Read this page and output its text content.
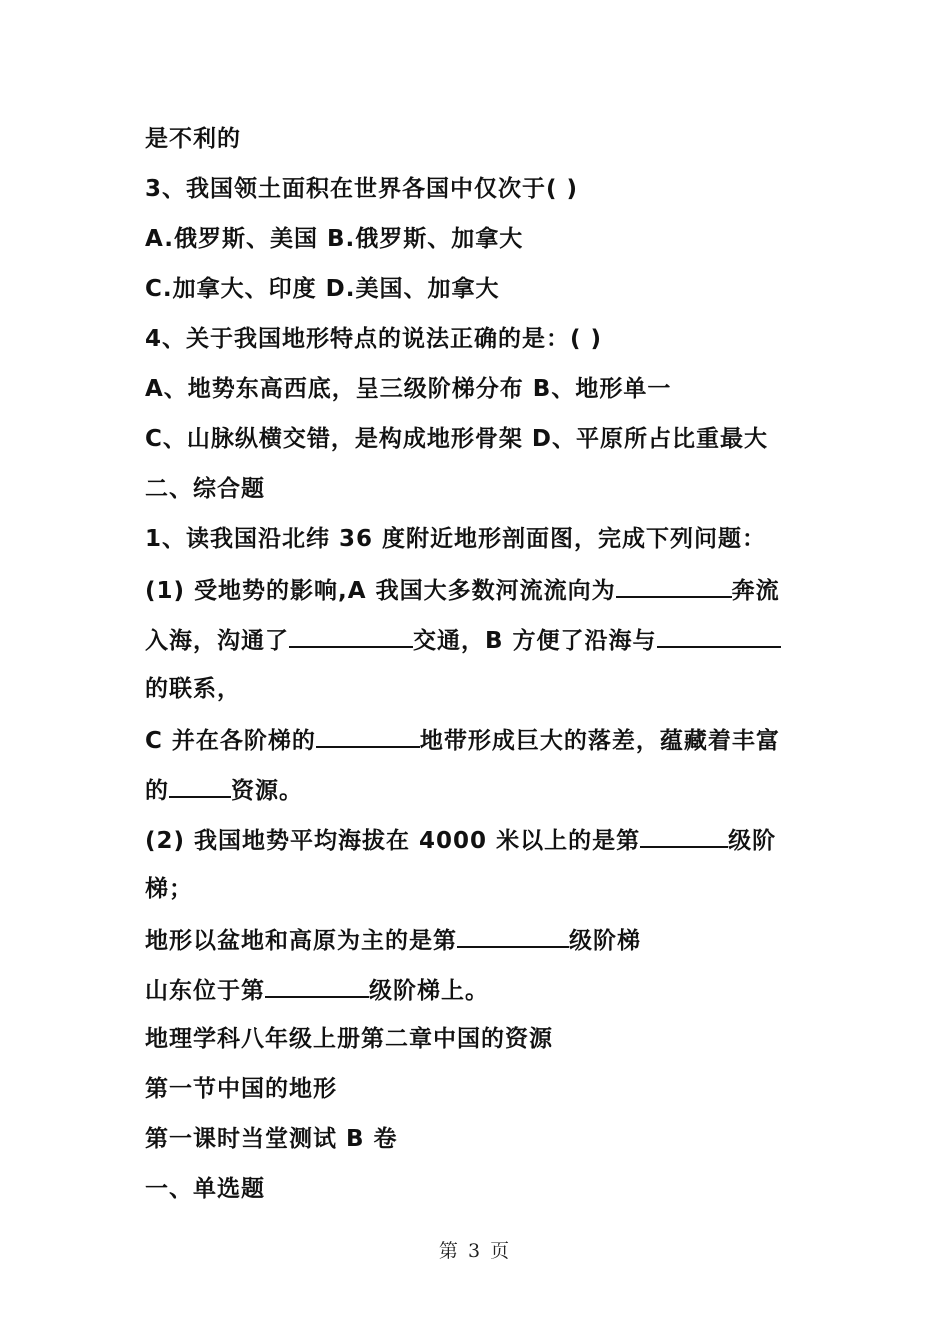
是不利的
3、我国领土面积在世界各国中仅次于( )
A.俄罗斯、美国 B.俄罗斯、加拿大
C.加拿大、印度 D.美国、加拿大
4、关于我国地形特点的说法正确的是：( )
A、地势东高西底，呈三级阶梯分布 B、地形单一
C、山脉纵横交错，是构成地形骨架 D、平原所占比重最大
二、综合题
1、读我国沿北纬 36 度附近地形剖面图，完成下列问题：
(1) 受地势的影响,A 我国大多数河流流向为	奔流
入海，沟通了	交通，B 方便了沿海与
的联系，
C 并在各阶梯的	地带形成巨大的落差，蕴藏着丰富
的	资源。
(2) 我国地势平均海拔在 4000 米以上的是第	级阶
梯；
地形以盆地和高原为主的是第	级阶梯
山东位于第	级阶梯上。
地理学科八年级上册第二章中国的资源
第一节中国的地形
第一课时当堂测试 B 卷
一、单选题
第 3 页
